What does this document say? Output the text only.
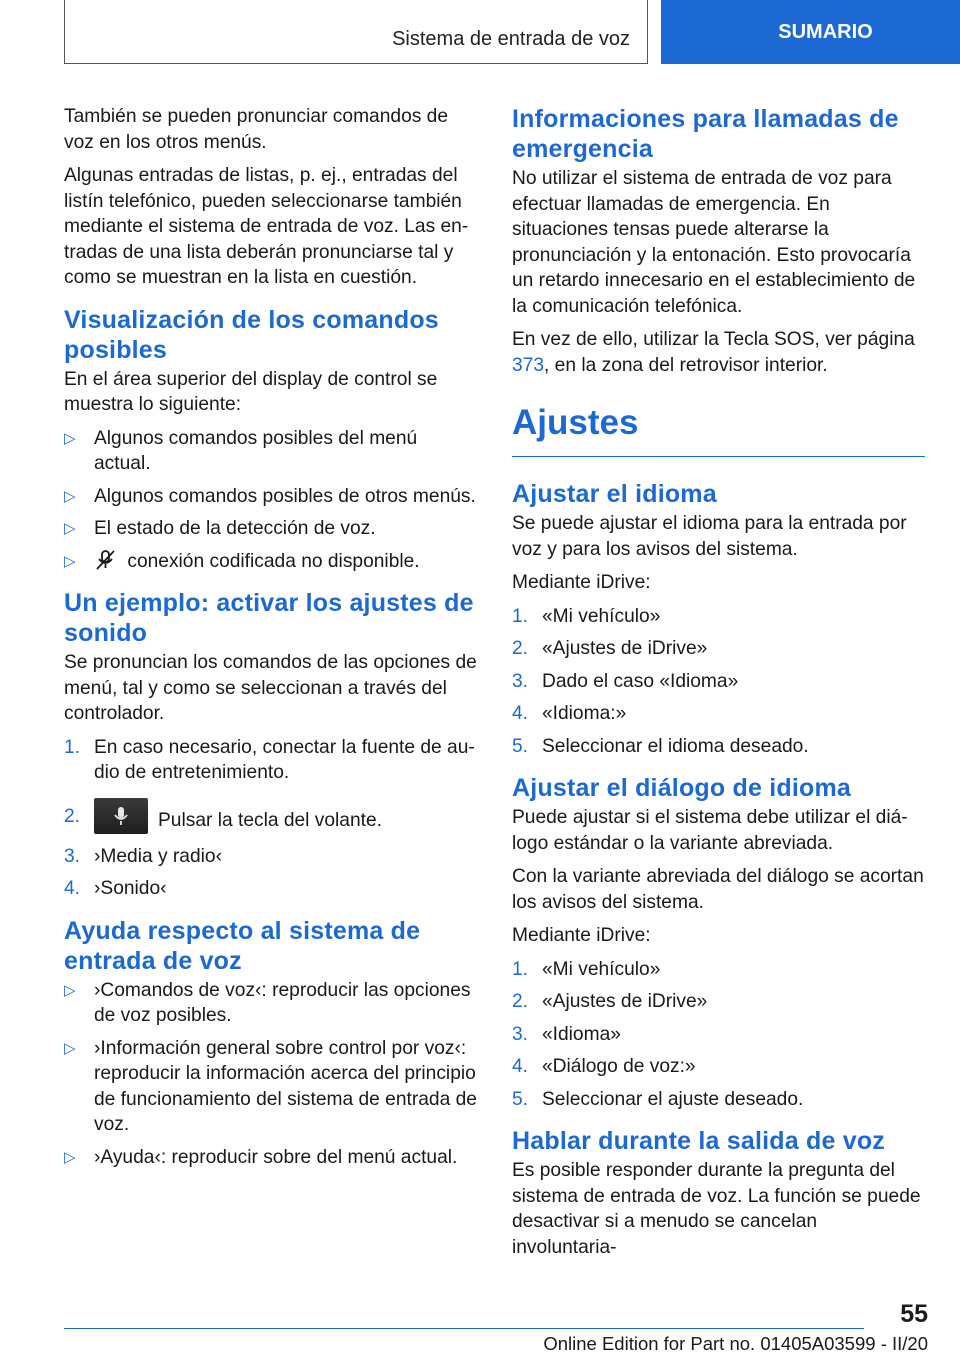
Sistema de entrada de voz	SUMARIO

También se pueden pronunciar comandos de voz en los otros menús.

Algunas entradas de listas, p. ej., entradas del listín telefónico, pueden seleccionarse también mediante el sistema de entrada de voz. Las entradas de una lista deberán pronunciarse tal y como se muestran en la lista en cuestión.

Visualización de los comandos posibles

En el área superior del display de control se muestra lo siguiente:

▷ Algunos comandos posibles del menú actual.
▷ Algunos comandos posibles de otros menús.
▷ El estado de la detección de voz.
▷	conexión codificada no disponible.
Un ejemplo: activar los ajustes de sonido

Se pronuncian los comandos de las opciones de menú, tal y como se seleccionan a través del controlador.

1. En caso necesario, conectar la fuente de audio de entretenimiento.
2.	Pulsar la tecla del volante.
3. ›Media y radio‹
4. ›Sonido‹
Ayuda respecto al sistema de entrada de voz
▷ ›Comandos de voz‹: reproducir las opciones de voz posibles.
▷ ›Información general sobre control por voz‹: reproducir la información acerca del principio de funcionamiento del sistema de entrada de voz.
▷ ›Ayuda‹: reproducir sobre del menú actual.
Informaciones para llamadas de emergencia

No utilizar el sistema de entrada de voz para efectuar llamadas de emergencia. En situaciones tensas puede alterarse la pronunciación y la entonación. Esto provocaría un retardo innecesario en el establecimiento de la comunicación telefónica.

En vez de ello, utilizar la Tecla SOS, ver página 373, en la zona del retrovisor interior.

Ajustes
Ajustar el idioma

Se puede ajustar el idioma para la entrada por voz y para los avisos del sistema.

Mediante iDrive:

1. «Mi vehículo»
2. «Ajustes de iDrive»
3. Dado el caso «Idioma»
4. «Idioma:»
5. Seleccionar el idioma deseado.
Ajustar el diálogo de idioma

Puede ajustar si el sistema debe utilizar el diálogo estándar o la variante abreviada.

Con la variante abreviada del diálogo se acortan los avisos del sistema.

Mediante iDrive:

1. «Mi vehículo»
2. «Ajustes de iDrive»
3. «Idioma»
4. «Diálogo de voz:»
5. Seleccionar el ajuste deseado.
Hablar durante la salida de voz

Es posible responder durante la pregunta del sistema de entrada de voz. La función se puede desactivar si a menudo se cancelan involuntaria-

55
Online Edition for Part no. 01405A03599 - II/20
